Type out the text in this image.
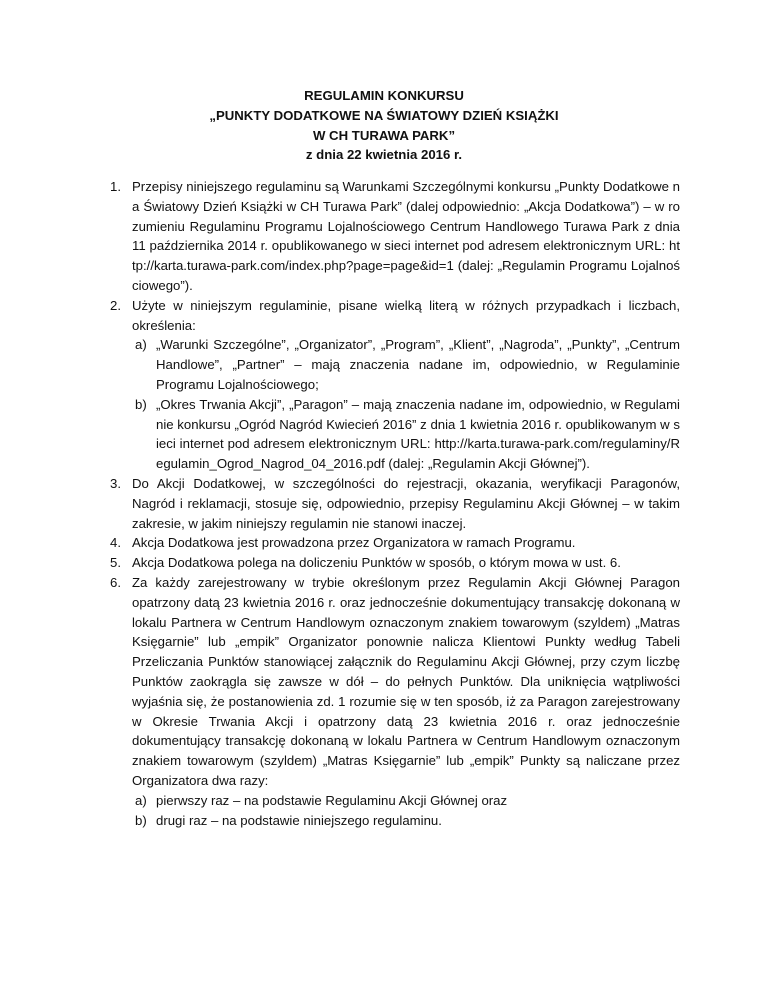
REGULAMIN KONKURSU
„PUNKTY DODATKOWE NA ŚWIATOWY DZIEŃ KSIĄŻKI
W CH TURAWA PARK”
z dnia 22 kwietnia 2016 r.
1. Przepisy niniejszego regulaminu są Warunkami Szczególnymi konkursu „Punkty Dodatkowe na Światowy Dzień Książki w CH Turawa Park” (dalej odpowiednio: „Akcja Dodatkowa”) – w rozumieniu Regulaminu Programu Lojalnościowego Centrum Handlowego Turawa Park z dnia 11 października 2014 r. opublikowanego w sieci internet pod adresem elektronicznym URL: http://karta.turawa-park.com/index.php?page=page&id=1 (dalej: „Regulamin Programu Lojalnościowego”).
2. Użyte w niniejszym regulaminie, pisane wielką literą w różnych przypadkach i liczbach, określenia:
a) „Warunki Szczególne”, „Organizator”, „Program”, „Klient”, „Nagroda”, „Punkty”, „Centrum Handlowe”, „Partner” – mają znaczenia nadane im, odpowiednio, w Regulaminie Programu Lojalnościowego;
b) „Okres Trwania Akcji”, „Paragon” – mają znaczenia nadane im, odpowiednio, w Regulaminie konkursu „Ogród Nagród Kwiecień 2016” z dnia 1 kwietnia 2016 r. opublikowanym w sieci internet pod adresem elektronicznym URL: http://karta.turawa-park.com/regulaminy/Regulamin_Ogrod_Nagrod_04_2016.pdf (dalej: „Regulamin Akcji Głównej”).
3. Do Akcji Dodatkowej, w szczególności do rejestracji, okazania, weryfikacji Paragonów, Nagród i reklamacji, stosuje się, odpowiednio, przepisy Regulaminu Akcji Głównej – w takim zakresie, w jakim niniejszy regulamin nie stanowi inaczej.
4. Akcja Dodatkowa jest prowadzona przez Organizatora w ramach Programu.
5. Akcja Dodatkowa polega na doliczeniu Punktów w sposób, o którym mowa w ust. 6.
6. Za każdy zarejestrowany w trybie określonym przez Regulamin Akcji Głównej Paragon opatrzony datą 23 kwietnia 2016 r. oraz jednocześnie dokumentujący transakcję dokonaną w lokalu Partnera w Centrum Handlowym oznaczonym znakiem towarowym (szyldem) „Matras Księgarnie” lub „empik” Organizator ponownie nalicza Klientowi Punkty według Tabeli Przeliczania Punktów stanowiącej załącznik do Regulaminu Akcji Głównej, przy czym liczbę Punktów zaokrągla się zawsze w dół – do pełnych Punktów. Dla uniknięcia wątpliwości wyjaśnia się, że postanowienia zd. 1 rozumie się w ten sposób, iż za Paragon zarejestrowany w Okresie Trwania Akcji i opatrzony datą 23 kwietnia 2016 r. oraz jednocześnie dokumentujący transakcję dokonaną w lokalu Partnera w Centrum Handlowym oznaczonym znakiem towarowym (szyldem) „Matras Księgarnie” lub „empik” Punkty są naliczane przez Organizatora dwa razy:
a) pierwszy raz – na podstawie Regulaminu Akcji Głównej oraz
b) drugi raz – na podstawie niniejszego regulaminu.
